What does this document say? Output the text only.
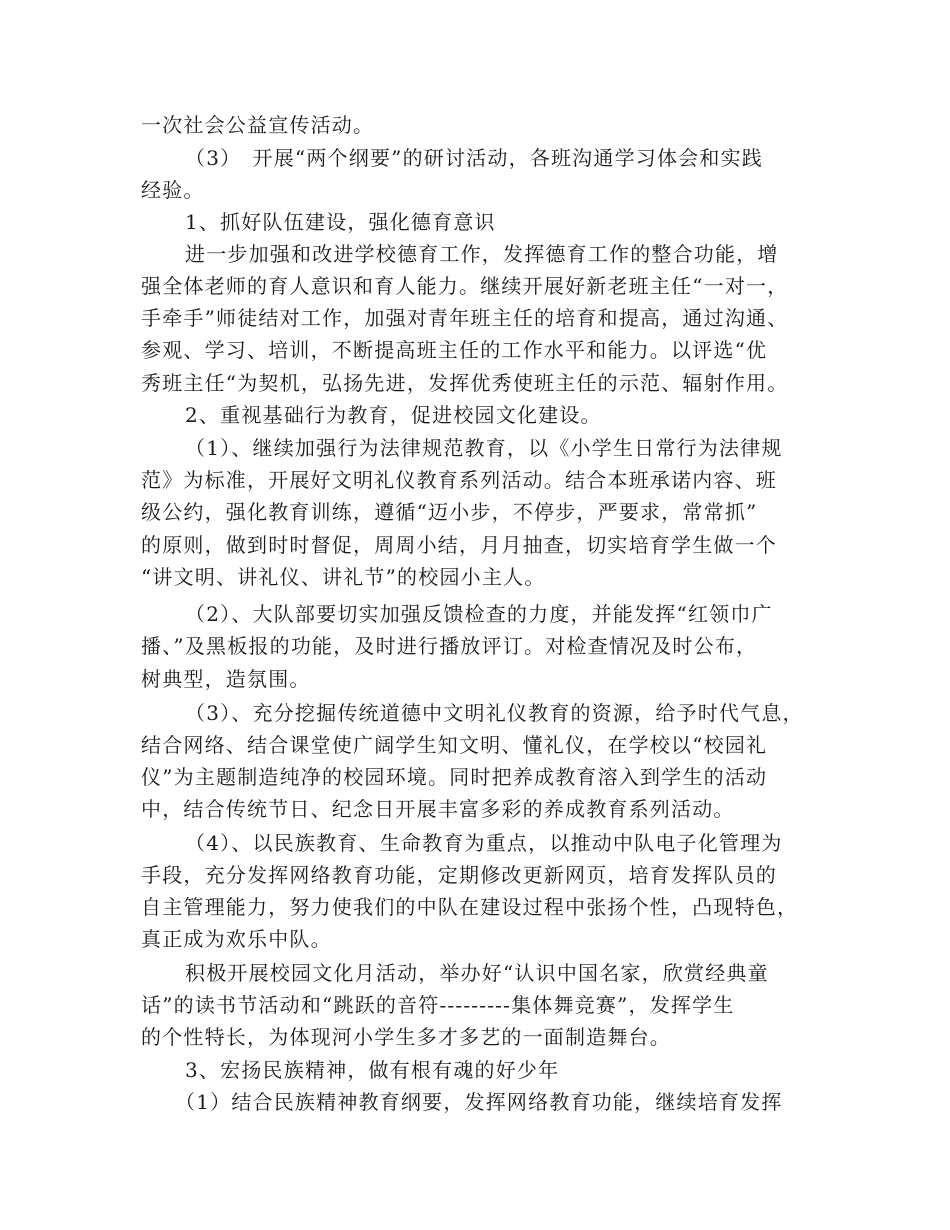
一次社会公益宣传活动。
（3）　开展“两个纲要”的研讨活动，各班沟通学习体会和实践
经验。
1、抓好队伍建设，强化德育意识
进一步加强和改进学校德育工作，发挥德育工作的整合功能，增
强全体老师的育人意识和育人能力。继续开展好新老班主任“一对一，
手牵手”师徒结对工作，加强对青年班主任的培育和提高，通过沟通、
参观、学习、培训，不断提高班主任的工作水平和能力。以评选“优
秀班主任“为契机，弘扬先进，发挥优秀使班主任的示范、辐射作用。
2、重视基础行为教育，促进校园文化建设。
（1）、继续加强行为法律规范教育，以《小学生日常行为法律规
范》为标准，开展好文明礼仪教育系列活动。结合本班承诺内容、班
级公约，强化教育训练，遵循“迈小步，不停步，严要求，常常抓”
的原则，做到时时督促，周周小结，月月抽查，切实培育学生做一个
“讲文明、讲礼仪、讲礼节”的校园小主人。
（2）、大队部要切实加强反馈检查的力度，并能发挥“红领巾广
播、”及黑板报的功能，及时进行播放评订。对检查情况及时公布，
树典型，造氛围。
（3）、充分挖掘传统道德中文明礼仪教育的资源，给予时代气息，
结合网络、结合课堂使广阔学生知文明、懂礼仪，在学校以“校园礼
仪”为主题制造纯净的校园环境。同时把养成教育溶入到学生的活动
中，结合传统节日、纪念日开展丰富多彩的养成教育系列活动。
（4）、以民族教育、生命教育为重点，以推动中队电子化管理为
手段，充分发挥网络教育功能，定期修改更新网页，培育发挥队员的
自主管理能力，努力使我们的中队在建设过程中张扬个性，凸现特色，
真正成为欢乐中队。
积极开展校园文化月活动，举办好“认识中国名家，欣赏经典童
话”的读书节活动和“跳跃的音符---------集体舞竞赛”，发挥学生
的个性特长，为体现河小学生多才多艺的一面制造舞台。
3、宏扬民族精神，做有根有魂的好少年
（1）结合民族精神教育纲要，发挥网络教育功能，继续培育发挥
